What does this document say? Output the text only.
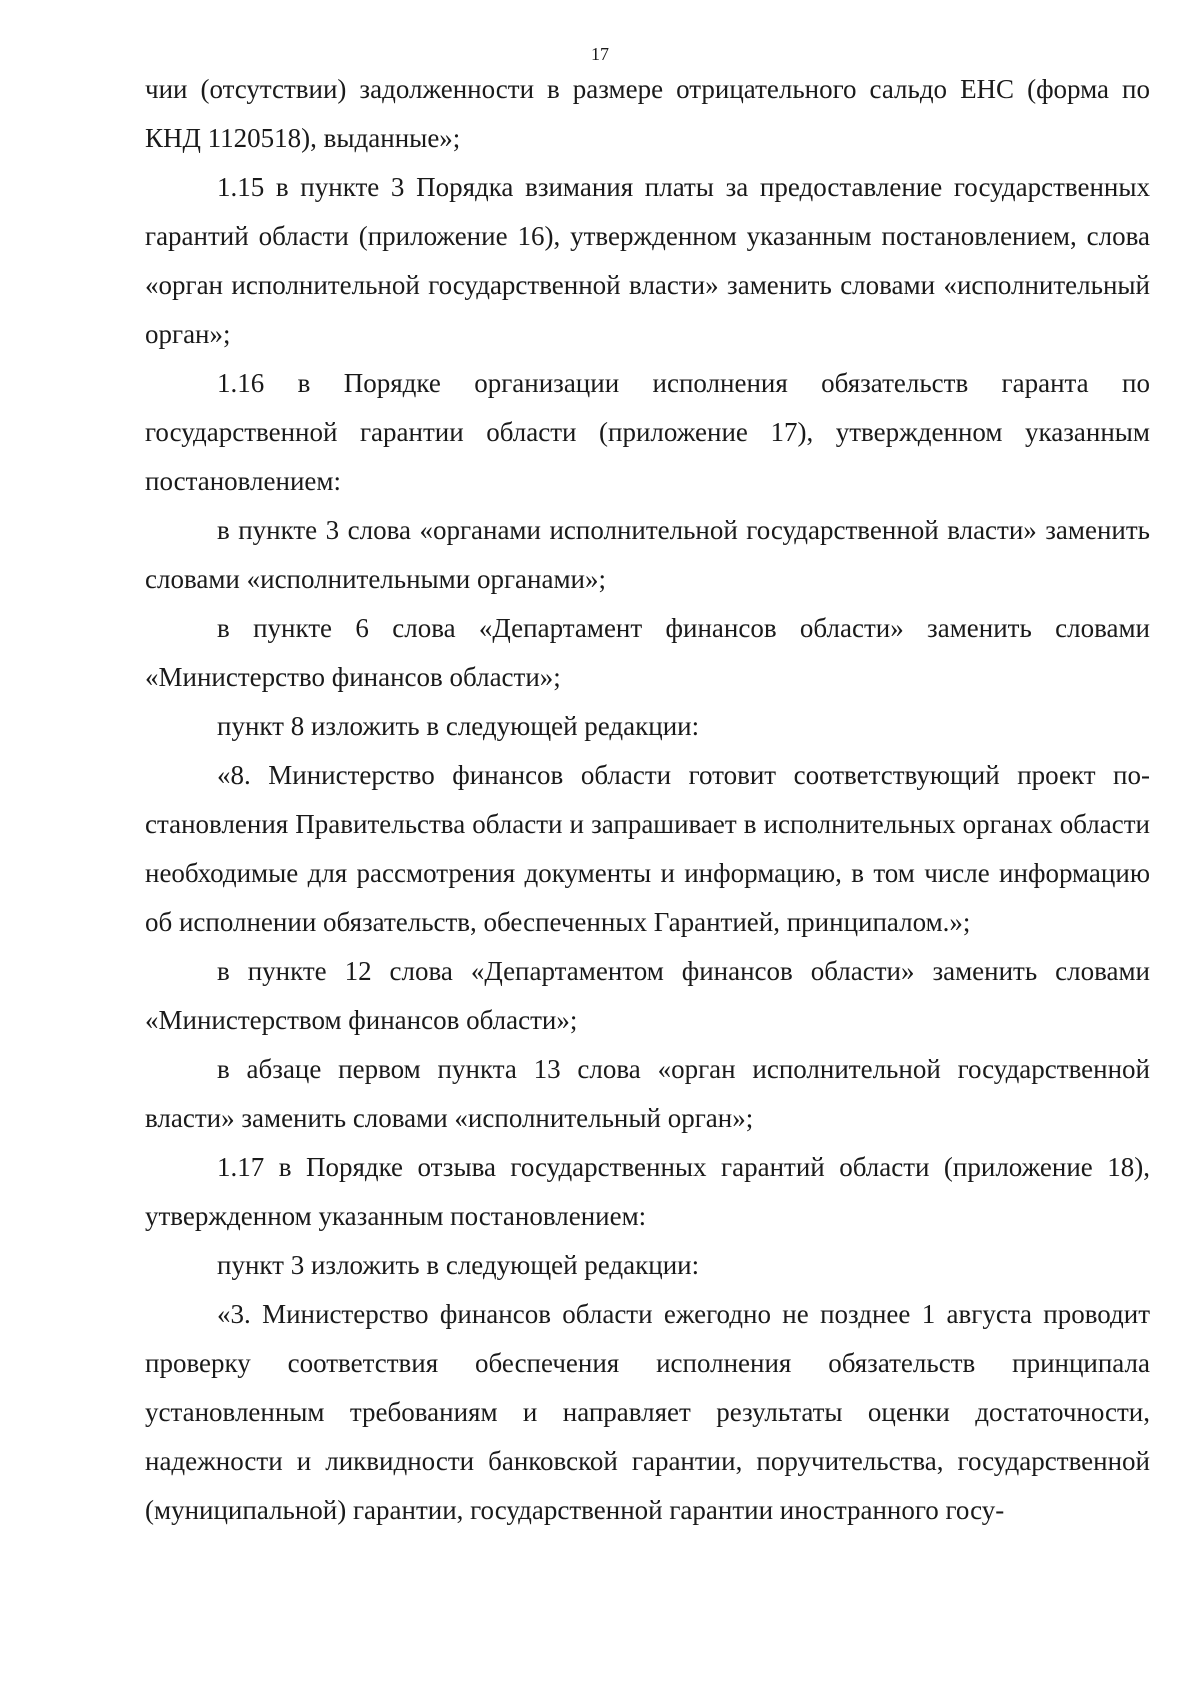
17

чии (отсутствии) задолженности в размере отрицательного сальдо ЕНС (форма по КНД 1120518), выданные»;

1.15 в пункте 3 Порядка взимания платы за предоставление государственных гарантий области (приложение 16), утвержденном указанным постановлением, слова «орган исполнительной государственной власти» заменить словами «исполнительный орган»;

1.16 в Порядке организации исполнения обязательств гаранта по государственной гарантии области (приложение 17), утвержденном указанным постановлением:

в пункте 3 слова «органами исполнительной государственной власти» заменить словами «исполнительными органами»;

в пункте 6 слова «Департамент финансов области» заменить словами «Министерство финансов области»;

пункт 8 изложить в следующей редакции:

«8. Министерство финансов области готовит соответствующий проект постановления Правительства области и запрашивает в исполнительных органах области необходимые для рассмотрения документы и информацию, в том числе информацию об исполнении обязательств, обеспеченных Гарантией, принципалом.»;

в пункте 12 слова «Департаментом финансов области» заменить словами «Министерством финансов области»;

в абзаце первом пункта 13 слова «орган исполнительной государственной власти» заменить словами «исполнительный орган»;

1.17 в Порядке отзыва государственных гарантий области (приложение 18), утвержденном указанным постановлением:

пункт 3 изложить в следующей редакции:

«3. Министерство финансов области ежегодно не позднее 1 августа проводит проверку соответствия обеспечения исполнения обязательств принципала установленным требованиям и направляет результаты оценки достаточности, надежности и ликвидности банковской гарантии, поручительства, государственной (муниципальной) гарантии, государственной гарантии иностранного госу-
